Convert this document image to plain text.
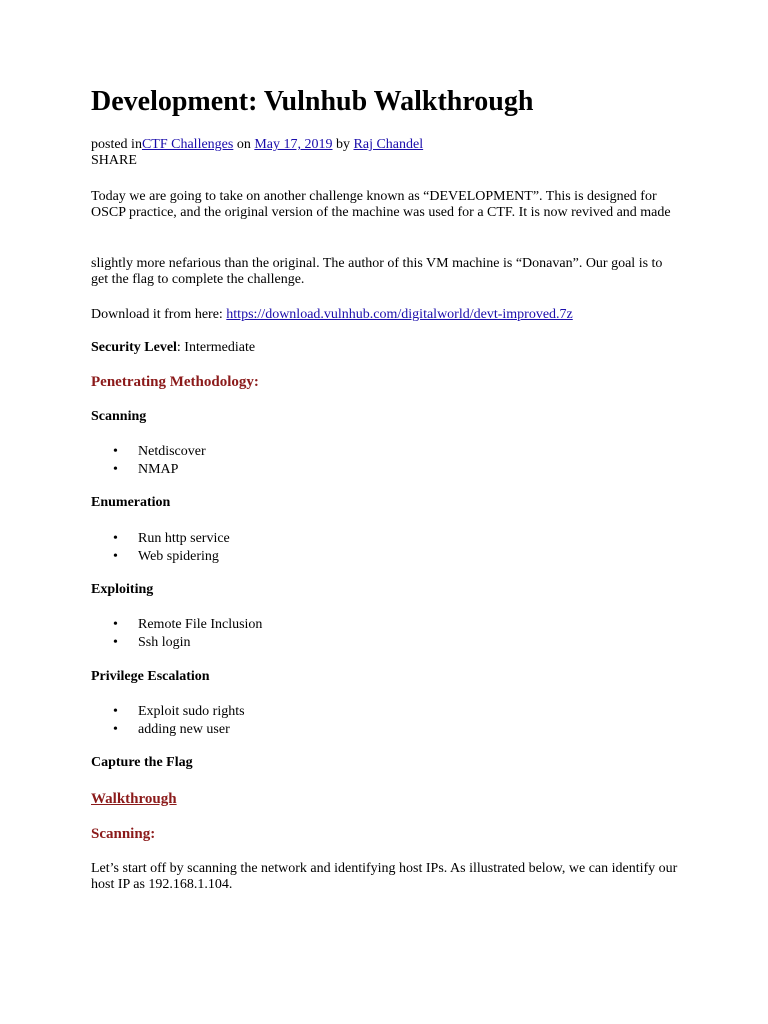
Development: Vulnhub Walkthrough
posted inCTF Challenges on May 17, 2019 by Raj Chandel
SHARE

Today we are going to take on another challenge known as “DEVELOPMENT”. This is designed for OSCP practice, and the original version of the machine was used for a CTF. It is now revived and made

slightly more nefarious than the original. The author of this VM machine is “Donavan”. Our goal is to get the flag to complete the challenge.

Download it from here: https://download.vulnhub.com/digitalworld/devt-improved.7z

Security Level: Intermediate

Penetrating Methodology:
Scanning
• Netdiscover
• NMAP
Enumeration
• Run http service
• Web spidering
Exploiting
• Remote File Inclusion
• Ssh login
Privilege Escalation
• Exploit sudo rights
• adding new user
Capture the Flag
Walkthrough
Scanning:

Let’s start off by scanning the network and identifying host IPs. As illustrated below, we can identify our host IP as 192.168.1.104.
